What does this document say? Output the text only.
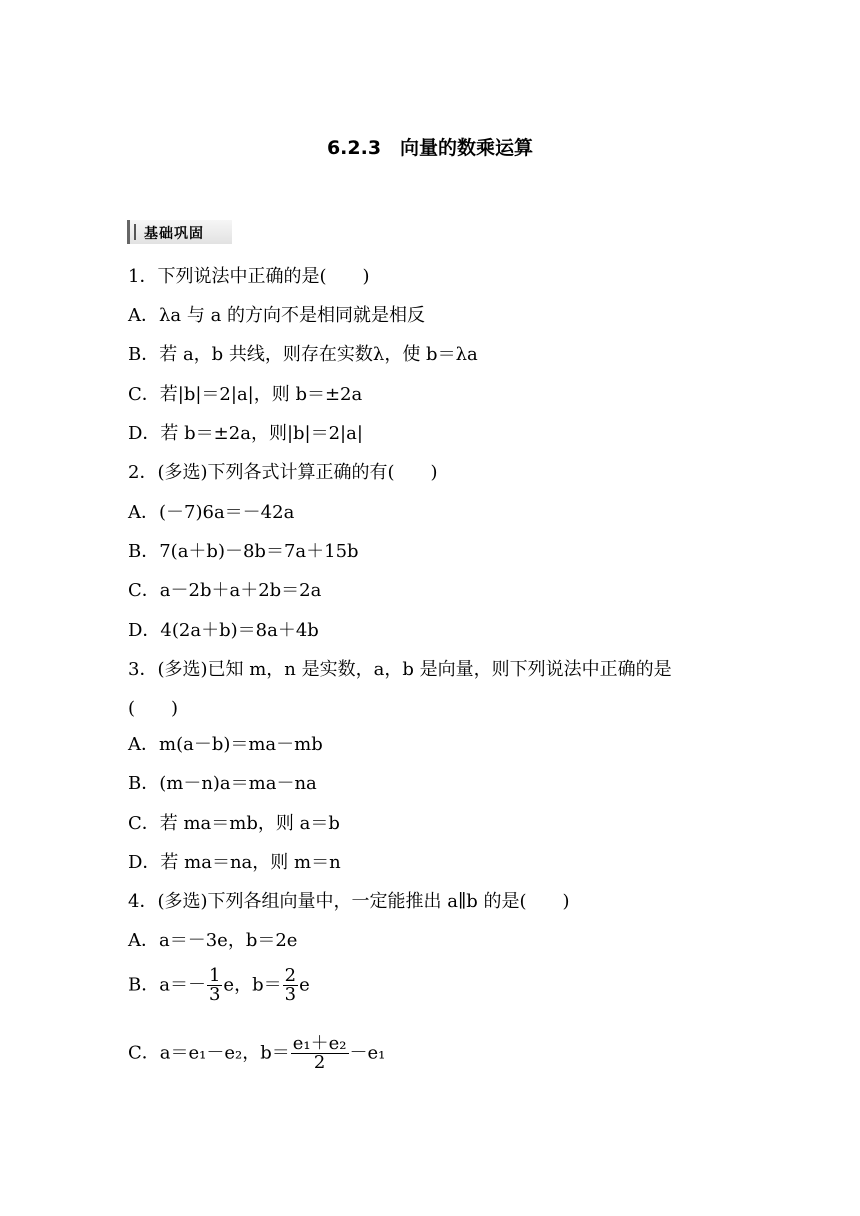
6.2.3　向量的数乘运算
基础巩固
1．下列说法中正确的是(　　)
A．λa 与 a 的方向不是相同就是相反
B．若 a，b 共线，则存在实数λ，使 b＝λa
C．若|b|＝2|a|，则 b＝±2a
D．若 b＝±2a，则|b|＝2|a|
2．(多选)下列各式计算正确的有(　　)
A．(－7)6a＝－42a
B．7(a＋b)－8b＝7a＋15b
C．a－2b＋a＋2b＝2a
D．4(2a＋b)＝8a＋4b
3．(多选)已知 m，n 是实数，a，b 是向量，则下列说法中正确的是
(　　)
A．m(a－b)＝ma－mb
B．(m－n)a＝ma－na
C．若 ma＝mb，则 a＝b
D．若 ma＝na，则 m＝n
4．(多选)下列各组向量中，一定能推出 a∥b 的是(　　)
A．a＝－3e，b＝2e
B．$a=- \frac{1}{3}$ e，$b= \frac{2}{3}$ e
C．a＝e₁－e₂，$b= \frac{\text{e₁＋e₂}}{2} -e_1$
